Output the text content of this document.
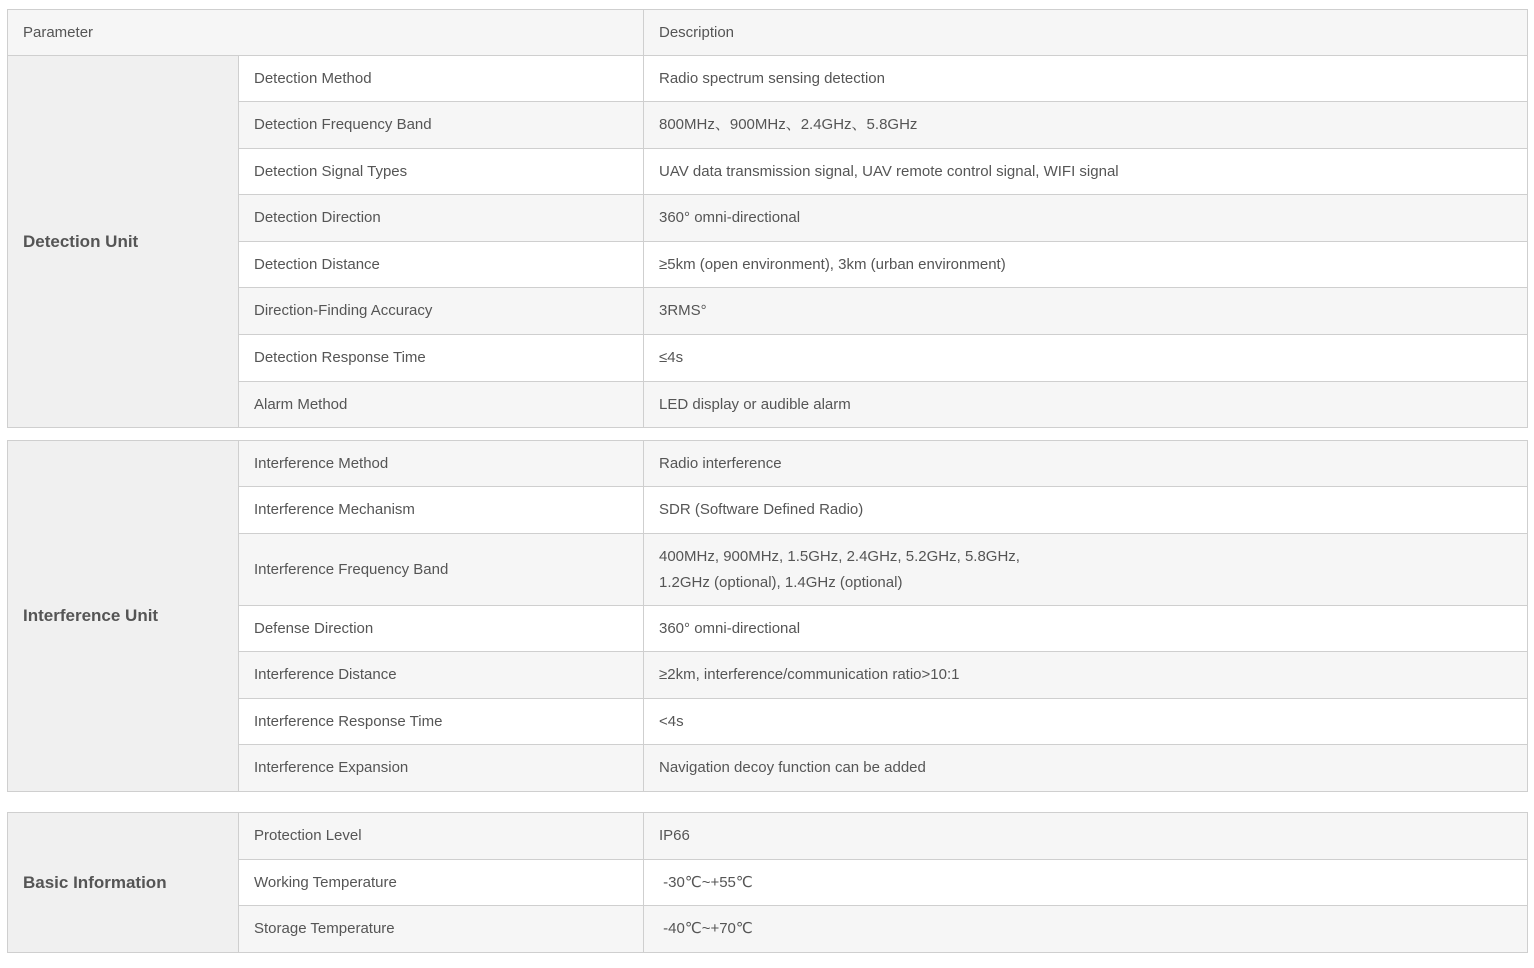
Parameter		Description
Detection Unit	Detection Method	Radio spectrum sensing detection
	Detection Frequency Band	800MHz、900MHz、2.4GHz、5.8GHz
	Detection Signal Types	UAV data transmission signal, UAV remote control signal, WIFI signal
	Detection Direction	360° omni-directional
	Detection Distance	≥5km (open environment), 3km (urban environment)
	Direction-Finding Accuracy	3RMS°
	Detection Response Time	≤4s
	Alarm Method	LED display or audible alarm
Interference Unit	Interference Method	Radio interference
	Interference Mechanism	SDR (Software Defined Radio)
	Interference Frequency Band	400MHz, 900MHz, 1.5GHz, 2.4GHz, 5.2GHz, 5.8GHz,
1.2GHz (optional), 1.4GHz (optional)

	Defense Direction	360° omni-directional
	Interference Distance	≥2km, interference/communication ratio>10:1
	Interference Response Time	<4s
	Interference Expansion	Navigation decoy function can be added
Basic Information	Protection Level	IP66
	Working Temperature	-30℃~+55℃
	Storage Temperature	-40℃~+70℃
